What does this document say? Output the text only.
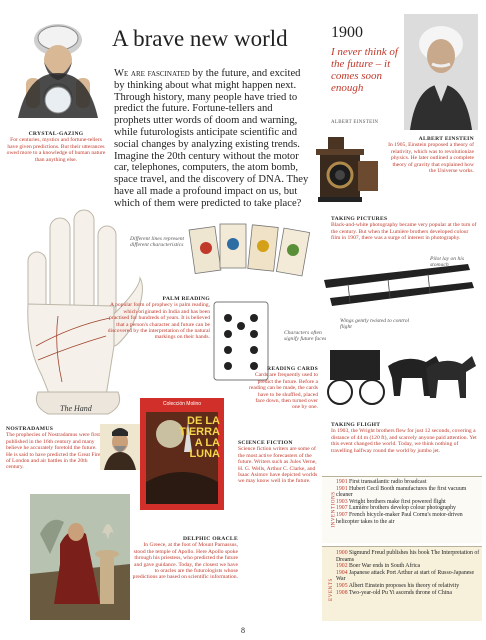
CRYSTAL-GAZING
For centuries, mystics and fortune-tellers have given predictions. But their utterances owed more to a knowledge of human nature than anything else.
A brave new world
We are fascinated by the future, and excited by thinking about what might happen next. Through history, many people have tried to predict the future. Fortune-tellers and prophets utter words of doom and warning, while futurologists anticipate scientific and social changes by analyzing existing trends. Imagine the 20th century without the motor car, telephones, computers, the atom bomb, space travel, and the discovery of DNA. They have all made a profound impact on us, but which of them were predicted to take place?
1900
I never think of the future – it comes soon enough
ALBERT EINSTEIN
ALBERT EINSTEIN
In 1905, Einstein proposed a theory of relativity, which was to revolutionize physics. He later outlined a complete theory of gravity that explained how the Universe works.
TAKING PICTURES
Black-and-white photography became very popular at the turn of the century. But when the Lumière brothers developed colour film in 1907, there was a surge of interest in photography.
The Hand
Different lines represent different characteristics
Characters often signify future faces
PALM READING
A popular form of prophecy is palm reading, which originated in India and has been practised for hundreds of years. It is believed that a person's character and future can be discovered by the interpretation of the natural markings on their hands.
READING CARDS
Cards are frequently used to predict the future. Before a reading can be made, the cards have to be shuffled, placed face down, then turned over one by one.
Pilot lay on his stomach
Wings gently twisted to control flight
TAKING FLIGHT
In 1903, the Wright brothers flew for just 12 seconds, covering a distance of 44 m (120 ft), and scarcely anyone paid attention. Yet this event changed the world. Today, we think nothing of travelling halfway round the world by jumbo jet.
NOSTRADAMUS
The prophecies of Nostradamus were first published in the 16th century and many believe he accurately foretold the future. He is said to have predicted the Great Fire of London and air battles in the 20th century.
Colección Molino
DE LA TIERRA A LA LUNA
SCIENCE FICTION
Science fiction writers are some of the most active forecasters of the future. Writers such as Jules Verne, H. G. Wells, Arthur C. Clarke, and Isaac Asimov have depicted worlds we may know well in the future.
DELPHIC ORACLE
In Greece, at the foot of Mount Parnassus, stood the temple of Apollo. Here Apollo spoke through his priestess, who predicted the future and gave guidance. Today, the closest we have to oracles are the futurologists whose predictions are based on scientific information.
INVENTIONS
1901 First transatlantic radio broadcast
1901 Hubert Cecil Booth manufactures the first vacuum cleaner
1903 Wright brothers make first powered flight
1907 Lumière brothers develop colour photography
1907 French bicycle-maker Paul Cornu's motor-driven helicopter takes to the air
EVENTS
1900 Sigmund Freud publishes his book The Interpretation of Dreams
1902 Boer War ends in South Africa
1904 Japanese attack Port Arthur at start of Russo-Japanese War
1905 Albert Einstein proposes his theory of relativity
1908 Two-year-old Pu Yi ascends throne of China
8
